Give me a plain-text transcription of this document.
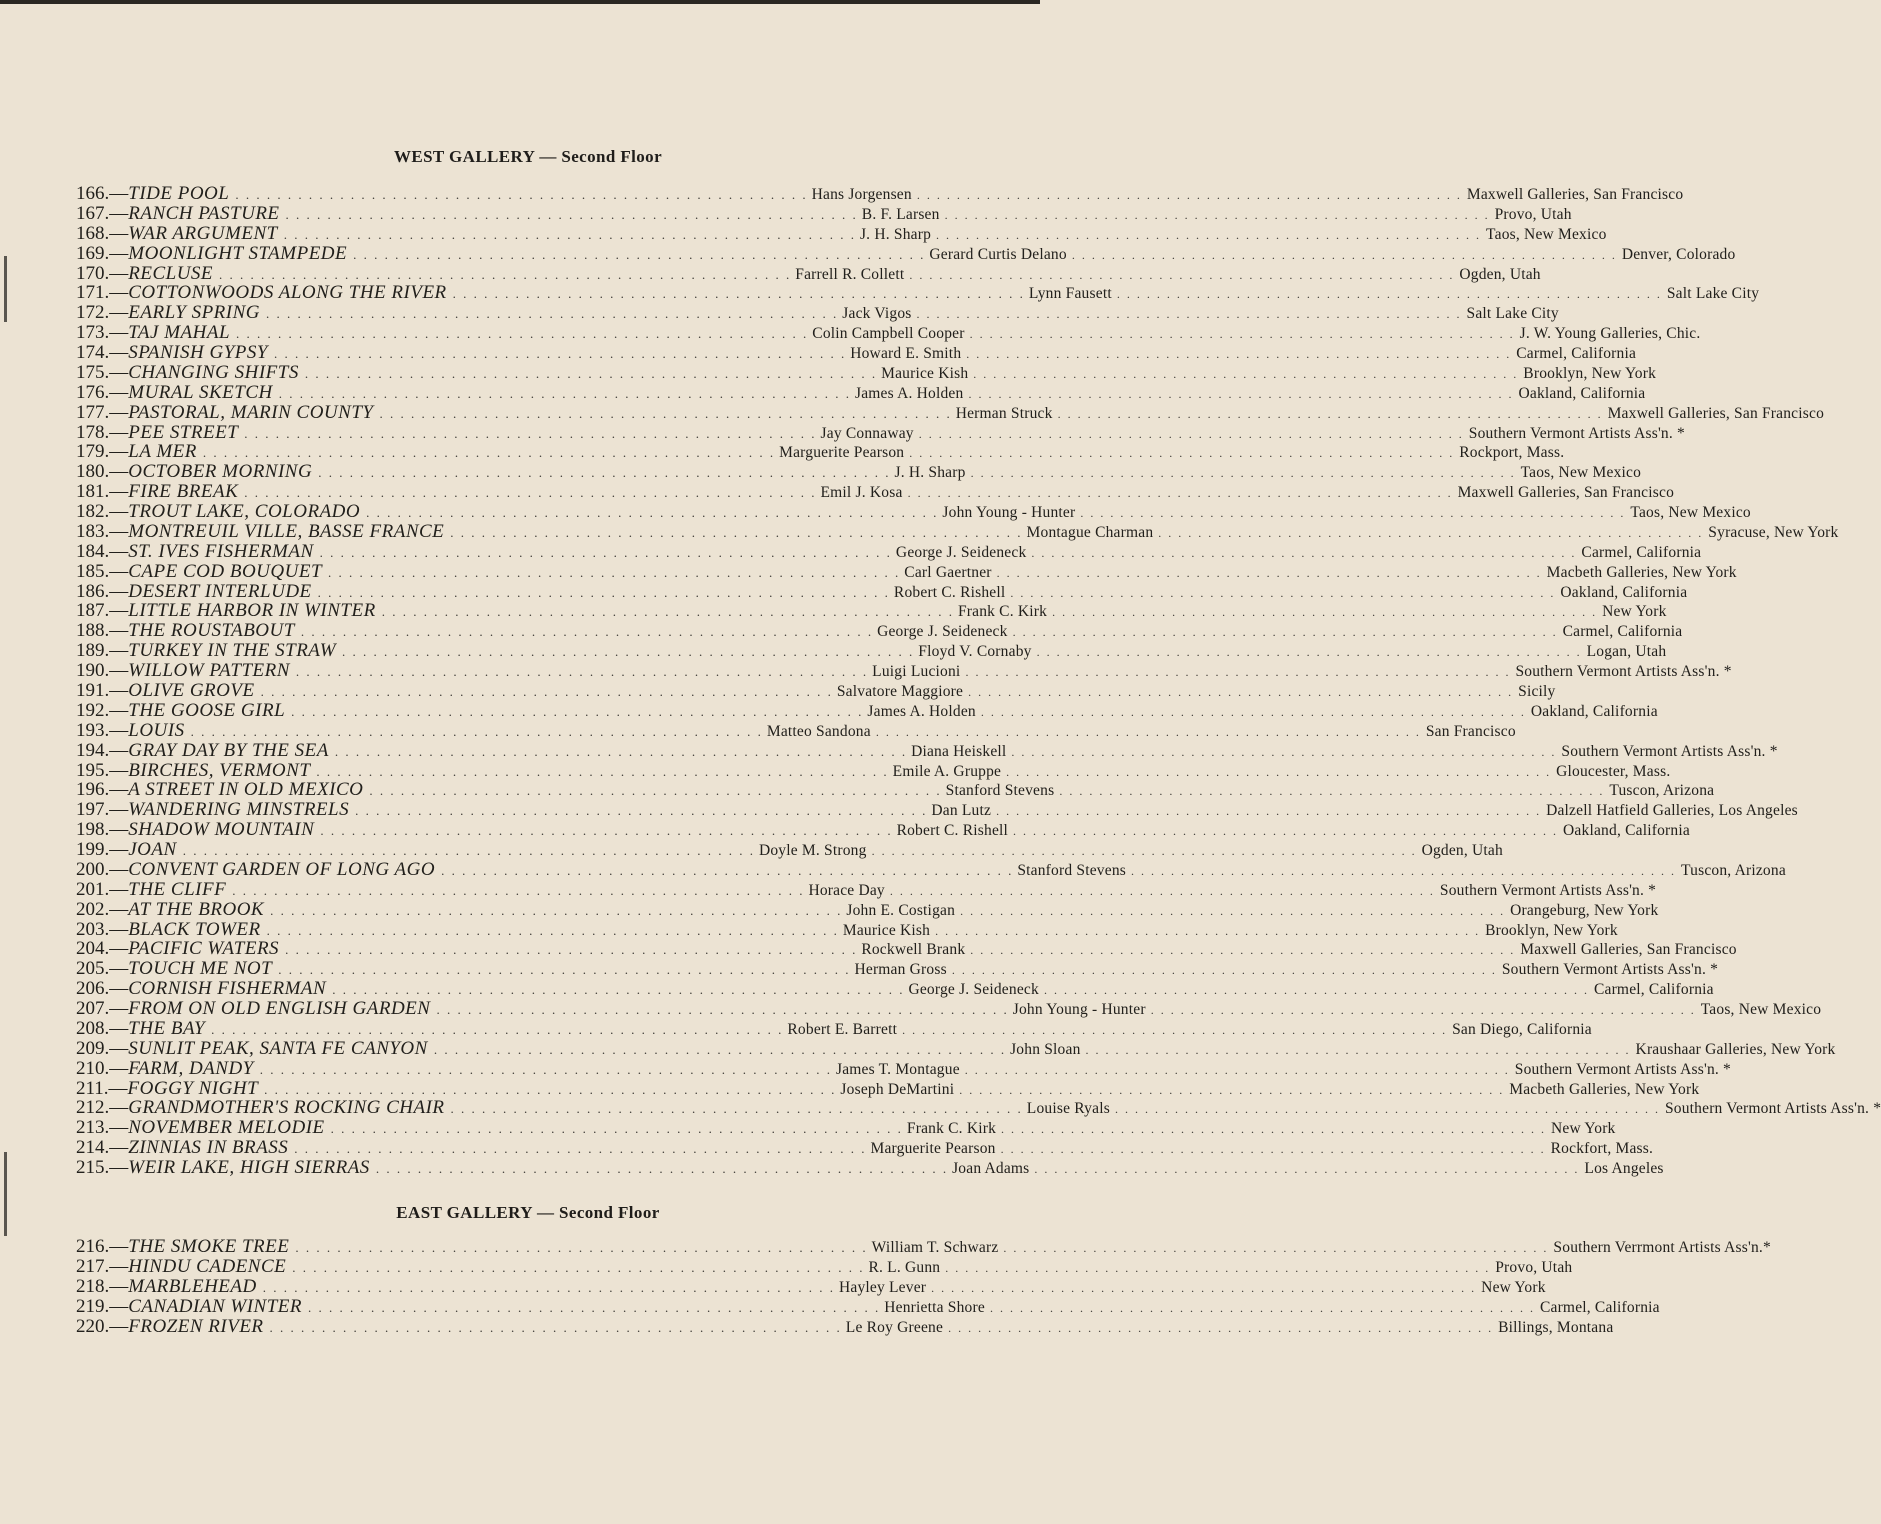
WEST GALLERY — Second Floor
166. — TIDE POOL . . . . . . . . . . . . . . . . . . . . . . . . . . . . . . . . . . . . . . . . . . . . . . . . . . . . . . . Hans Jorgensen . . . . . . . . . . . . . . . . . . . . . . . . . . . . . . . . . . . . . . . . . . . . . . . . . . . . . . . Maxwell Galleries, San Francisco
167. — RANCH PASTURE . . . . . . . . . . . . . . . . . . . . . . . . . . . . . . . . . . . . . . . . . . . . . . . . . . . . . . . B. F. Larsen . . . . . . . . . . . . . . . . . . . . . . . . . . . . . . . . . . . . . . . . . . . . . . . . . . . . . . . Provo, Utah
168. — WAR ARGUMENT . . . . . . . . . . . . . . . . . . . . . . . . . . . . . . . . . . . . . . . . . . . . . . . . . . . . . . . J. H. Sharp . . . . . . . . . . . . . . . . . . . . . . . . . . . . . . . . . . . . . . . . . . . . . . . . . . . . . . . Taos, New Mexico
169. — MOONLIGHT STAMPEDE . . . . . . . . . . . . . . . . . . . . . . . . . . . . . . . . . . . . . . . . . . . . . . . . . . . . . . . Gerard Curtis Delano . . . . . . . . . . . . . . . . . . . . . . . . . . . . . . . . . . . . . . . . . . . . . . . . . . . . . . . Denver, Colorado
170. — RECLUSE . . . . . . . . . . . . . . . . . . . . . . . . . . . . . . . . . . . . . . . . . . . . . . . . . . . . . . . Farrell R. Collett . . . . . . . . . . . . . . . . . . . . . . . . . . . . . . . . . . . . . . . . . . . . . . . . . . . . . . . Ogden, Utah
171. — COTTONWOODS ALONG THE RIVER . . . . . . . . . . . . . . . . . . . . . . . . . . . . . . . . . . . . . . . . . . . . . . . . . . . . . . . Lynn Fausett . . . . . . . . . . . . . . . . . . . . . . . . . . . . . . . . . . . . . . . . . . . . . . . . . . . . . . . Salt Lake City
172. — EARLY SPRING . . . . . . . . . . . . . . . . . . . . . . . . . . . . . . . . . . . . . . . . . . . . . . . . . . . . . . . Jack Vigos . . . . . . . . . . . . . . . . . . . . . . . . . . . . . . . . . . . . . . . . . . . . . . . . . . . . . . . Salt Lake City
173. — TAJ MAHAL . . . . . . . . . . . . . . . . . . . . . . . . . . . . . . . . . . . . . . . . . . . . . . . . . . . . . . . Colin Campbell Cooper . . . . . . . . . . . . . . . . . . . . . . . . . . . . . . . . . . . . . . . . . . . . . . . . . . . . . . . J. W. Young Galleries, Chic.
174. — SPANISH GYPSY . . . . . . . . . . . . . . . . . . . . . . . . . . . . . . . . . . . . . . . . . . . . . . . . . . . . . . . Howard E. Smith . . . . . . . . . . . . . . . . . . . . . . . . . . . . . . . . . . . . . . . . . . . . . . . . . . . . . . . Carmel, California
175. — CHANGING SHIFTS . . . . . . . . . . . . . . . . . . . . . . . . . . . . . . . . . . . . . . . . . . . . . . . . . . . . . . . Maurice Kish . . . . . . . . . . . . . . . . . . . . . . . . . . . . . . . . . . . . . . . . . . . . . . . . . . . . . . . Brooklyn, New York
176. — MURAL SKETCH . . . . . . . . . . . . . . . . . . . . . . . . . . . . . . . . . . . . . . . . . . . . . . . . . . . . . . . James A. Holden . . . . . . . . . . . . . . . . . . . . . . . . . . . . . . . . . . . . . . . . . . . . . . . . . . . . . . . Oakland, California
177. — PASTORAL, MARIN COUNTY . . . . . . . . . . . . . . . . . . . . . . . . . . . . . . . . . . . . . . . . . . . . . . . . . . . . . . . Herman Struck . . . . . . . . . . . . . . . . . . . . . . . . . . . . . . . . . . . . . . . . . . . . . . . . . . . . . . . Maxwell Galleries, San Francisco
178. — PEE STREET . . . . . . . . . . . . . . . . . . . . . . . . . . . . . . . . . . . . . . . . . . . . . . . . . . . . . . . Jay Connaway . . . . . . . . . . . . . . . . . . . . . . . . . . . . . . . . . . . . . . . . . . . . . . . . . . . . . . . Southern Vermont Artists Ass'n. *
179. — LA MER . . . . . . . . . . . . . . . . . . . . . . . . . . . . . . . . . . . . . . . . . . . . . . . . . . . . . . . Marguerite Pearson . . . . . . . . . . . . . . . . . . . . . . . . . . . . . . . . . . . . . . . . . . . . . . . . . . . . . . . Rockport, Mass.
180. — OCTOBER MORNING . . . . . . . . . . . . . . . . . . . . . . . . . . . . . . . . . . . . . . . . . . . . . . . . . . . . . . . J. H. Sharp . . . . . . . . . . . . . . . . . . . . . . . . . . . . . . . . . . . . . . . . . . . . . . . . . . . . . . . Taos, New Mexico
181. — FIRE BREAK . . . . . . . . . . . . . . . . . . . . . . . . . . . . . . . . . . . . . . . . . . . . . . . . . . . . . . . Emil J. Kosa . . . . . . . . . . . . . . . . . . . . . . . . . . . . . . . . . . . . . . . . . . . . . . . . . . . . . . . Maxwell Galleries, San Francisco
182. — TROUT LAKE, COLORADO . . . . . . . . . . . . . . . . . . . . . . . . . . . . . . . . . . . . . . . . . . . . . . . . . . . . . . . John Young - Hunter . . . . . . . . . . . . . . . . . . . . . . . . . . . . . . . . . . . . . . . . . . . . . . . . . . . . . . . Taos, New Mexico
183. — MONTREUIL VILLE, BASSE FRANCE . . . . . . . . . . . . . . . . . . . . . . . . . . . . . . . . . . . . . . . . . . . . . . . . . . . . . . . Montague Charman . . . . . . . . . . . . . . . . . . . . . . . . . . . . . . . . . . . . . . . . . . . . . . . . . . . . . . . Syracuse, New York
184. — ST. IVES FISHERMAN . . . . . . . . . . . . . . . . . . . . . . . . . . . . . . . . . . . . . . . . . . . . . . . . . . . . . . . George J. Seideneck . . . . . . . . . . . . . . . . . . . . . . . . . . . . . . . . . . . . . . . . . . . . . . . . . . . . . . . Carmel, California
185. — CAPE COD BOUQUET . . . . . . . . . . . . . . . . . . . . . . . . . . . . . . . . . . . . . . . . . . . . . . . . . . . . . . . Carl Gaertner . . . . . . . . . . . . . . . . . . . . . . . . . . . . . . . . . . . . . . . . . . . . . . . . . . . . . . . Macbeth Galleries, New York
186. — DESERT INTERLUDE . . . . . . . . . . . . . . . . . . . . . . . . . . . . . . . . . . . . . . . . . . . . . . . . . . . . . . . Robert C. Rishell . . . . . . . . . . . . . . . . . . . . . . . . . . . . . . . . . . . . . . . . . . . . . . . . . . . . . . . Oakland, California
187. — LITTLE HARBOR IN WINTER . . . . . . . . . . . . . . . . . . . . . . . . . . . . . . . . . . . . . . . . . . . . . . . . . . . . . . . Frank C. Kirk . . . . . . . . . . . . . . . . . . . . . . . . . . . . . . . . . . . . . . . . . . . . . . . . . . . . . . . New York
188. — THE ROUSTABOUT . . . . . . . . . . . . . . . . . . . . . . . . . . . . . . . . . . . . . . . . . . . . . . . . . . . . . . . George J. Seideneck . . . . . . . . . . . . . . . . . . . . . . . . . . . . . . . . . . . . . . . . . . . . . . . . . . . . . . . Carmel, California
189. — TURKEY IN THE STRAW . . . . . . . . . . . . . . . . . . . . . . . . . . . . . . . . . . . . . . . . . . . . . . . . . . . . . . . Floyd V. Cornaby . . . . . . . . . . . . . . . . . . . . . . . . . . . . . . . . . . . . . . . . . . . . . . . . . . . . . . . Logan, Utah
190. — WILLOW PATTERN . . . . . . . . . . . . . . . . . . . . . . . . . . . . . . . . . . . . . . . . . . . . . . . . . . . . . . . Luigi Lucioni . . . . . . . . . . . . . . . . . . . . . . . . . . . . . . . . . . . . . . . . . . . . . . . . . . . . . . . Southern Vermont Artists Ass'n. *
191. — OLIVE GROVE . . . . . . . . . . . . . . . . . . . . . . . . . . . . . . . . . . . . . . . . . . . . . . . . . . . . . . . Salvatore Maggiore . . . . . . . . . . . . . . . . . . . . . . . . . . . . . . . . . . . . . . . . . . . . . . . . . . . . . . . Sicily
192. — THE GOOSE GIRL . . . . . . . . . . . . . . . . . . . . . . . . . . . . . . . . . . . . . . . . . . . . . . . . . . . . . . . James A. Holden . . . . . . . . . . . . . . . . . . . . . . . . . . . . . . . . . . . . . . . . . . . . . . . . . . . . . . . Oakland, California
193. — LOUIS . . . . . . . . . . . . . . . . . . . . . . . . . . . . . . . . . . . . . . . . . . . . . . . . . . . . . . . Matteo Sandona . . . . . . . . . . . . . . . . . . . . . . . . . . . . . . . . . . . . . . . . . . . . . . . . . . . . . . . San Francisco
194. — GRAY DAY BY THE SEA . . . . . . . . . . . . . . . . . . . . . . . . . . . . . . . . . . . . . . . . . . . . . . . . . . . . . . . Diana Heiskell . . . . . . . . . . . . . . . . . . . . . . . . . . . . . . . . . . . . . . . . . . . . . . . . . . . . . . . Southern Vermont Artists Ass'n. *
195. — BIRCHES, VERMONT . . . . . . . . . . . . . . . . . . . . . . . . . . . . . . . . . . . . . . . . . . . . . . . . . . . . . . . Emile A. Gruppe . . . . . . . . . . . . . . . . . . . . . . . . . . . . . . . . . . . . . . . . . . . . . . . . . . . . . . . Gloucester, Mass.
196. — A STREET IN OLD MEXICO . . . . . . . . . . . . . . . . . . . . . . . . . . . . . . . . . . . . . . . . . . . . . . . . . . . . . . . Stanford Stevens . . . . . . . . . . . . . . . . . . . . . . . . . . . . . . . . . . . . . . . . . . . . . . . . . . . . . . . Tuscon, Arizona
197. — WANDERING MINSTRELS . . . . . . . . . . . . . . . . . . . . . . . . . . . . . . . . . . . . . . . . . . . . . . . . . . . . . . . Dan Lutz . . . . . . . . . . . . . . . . . . . . . . . . . . . . . . . . . . . . . . . . . . . . . . . . . . . . . . . Dalzell Hatfield Galleries, Los Angeles
198. — SHADOW MOUNTAIN . . . . . . . . . . . . . . . . . . . . . . . . . . . . . . . . . . . . . . . . . . . . . . . . . . . . . . . Robert C. Rishell . . . . . . . . . . . . . . . . . . . . . . . . . . . . . . . . . . . . . . . . . . . . . . . . . . . . . . . Oakland, California
199. — JOAN . . . . . . . . . . . . . . . . . . . . . . . . . . . . . . . . . . . . . . . . . . . . . . . . . . . . . . . Doyle M. Strong . . . . . . . . . . . . . . . . . . . . . . . . . . . . . . . . . . . . . . . . . . . . . . . . . . . . . . . Ogden, Utah
200. — CONVENT GARDEN OF LONG AGO . . . . . . . . . . . . . . . . . . . . . . . . . . . . . . . . . . . . . . . . . . . . . . . . . . . . . . . Stanford Stevens . . . . . . . . . . . . . . . . . . . . . . . . . . . . . . . . . . . . . . . . . . . . . . . . . . . . . . . Tuscon, Arizona
201. — THE CLIFF . . . . . . . . . . . . . . . . . . . . . . . . . . . . . . . . . . . . . . . . . . . . . . . . . . . . . . . Horace Day . . . . . . . . . . . . . . . . . . . . . . . . . . . . . . . . . . . . . . . . . . . . . . . . . . . . . . . Southern Vermont Artists Ass'n. *
202. — AT THE BROOK . . . . . . . . . . . . . . . . . . . . . . . . . . . . . . . . . . . . . . . . . . . . . . . . . . . . . . . John E. Costigan . . . . . . . . . . . . . . . . . . . . . . . . . . . . . . . . . . . . . . . . . . . . . . . . . . . . . . . Orangeburg, New York
203. — BLACK TOWER . . . . . . . . . . . . . . . . . . . . . . . . . . . . . . . . . . . . . . . . . . . . . . . . . . . . . . . Maurice Kish . . . . . . . . . . . . . . . . . . . . . . . . . . . . . . . . . . . . . . . . . . . . . . . . . . . . . . . Brooklyn, New York
204. — PACIFIC WATERS . . . . . . . . . . . . . . . . . . . . . . . . . . . . . . . . . . . . . . . . . . . . . . . . . . . . . . . Rockwell Brank . . . . . . . . . . . . . . . . . . . . . . . . . . . . . . . . . . . . . . . . . . . . . . . . . . . . . . . Maxwell Galleries, San Francisco
205. — TOUCH ME NOT . . . . . . . . . . . . . . . . . . . . . . . . . . . . . . . . . . . . . . . . . . . . . . . . . . . . . . . Herman Gross . . . . . . . . . . . . . . . . . . . . . . . . . . . . . . . . . . . . . . . . . . . . . . . . . . . . . . . Southern Vermont Artists Ass'n. *
206. — CORNISH FISHERMAN . . . . . . . . . . . . . . . . . . . . . . . . . . . . . . . . . . . . . . . . . . . . . . . . . . . . . . . George J. Seideneck . . . . . . . . . . . . . . . . . . . . . . . . . . . . . . . . . . . . . . . . . . . . . . . . . . . . . . . Carmel, California
207. — FROM ON OLD ENGLISH GARDEN . . . . . . . . . . . . . . . . . . . . . . . . . . . . . . . . . . . . . . . . . . . . . . . . . . . . . . . John Young - Hunter . . . . . . . . . . . . . . . . . . . . . . . . . . . . . . . . . . . . . . . . . . . . . . . . . . . . . . . Taos, New Mexico
208. — THE BAY . . . . . . . . . . . . . . . . . . . . . . . . . . . . . . . . . . . . . . . . . . . . . . . . . . . . . . . Robert E. Barrett . . . . . . . . . . . . . . . . . . . . . . . . . . . . . . . . . . . . . . . . . . . . . . . . . . . . . . . San Diego, California
209. — SUNLIT PEAK, SANTA FE CANYON . . . . . . . . . . . . . . . . . . . . . . . . . . . . . . . . . . . . . . . . . . . . . . . . . . . . . . . John Sloan . . . . . . . . . . . . . . . . . . . . . . . . . . . . . . . . . . . . . . . . . . . . . . . . . . . . . . . Kraushaar Galleries, New York
210. — FARM, DANDY . . . . . . . . . . . . . . . . . . . . . . . . . . . . . . . . . . . . . . . . . . . . . . . . . . . . . . . James T. Montague . . . . . . . . . . . . . . . . . . . . . . . . . . . . . . . . . . . . . . . . . . . . . . . . . . . . . . . Southern Vermont Artists Ass'n. *
211. — FOGGY NIGHT . . . . . . . . . . . . . . . . . . . . . . . . . . . . . . . . . . . . . . . . . . . . . . . . . . . . . . . Joseph DeMartini . . . . . . . . . . . . . . . . . . . . . . . . . . . . . . . . . . . . . . . . . . . . . . . . . . . . . . . Macbeth Galleries, New York
212. — GRANDMOTHER'S ROCKING CHAIR . . . . . . . . . . . . . . . . . . . . . . . . . . . . . . . . . . . . . . . . . . . . . . . . . . . . . . . Louise Ryals . . . . . . . . . . . . . . . . . . . . . . . . . . . . . . . . . . . . . . . . . . . . . . . . . . . . . . . Southern Vermont Artists Ass'n. *
213. — NOVEMBER MELODIE . . . . . . . . . . . . . . . . . . . . . . . . . . . . . . . . . . . . . . . . . . . . . . . . . . . . . . . Frank C. Kirk . . . . . . . . . . . . . . . . . . . . . . . . . . . . . . . . . . . . . . . . . . . . . . . . . . . . . . . New York
214. — ZINNIAS IN BRASS . . . . . . . . . . . . . . . . . . . . . . . . . . . . . . . . . . . . . . . . . . . . . . . . . . . . . . . Marguerite Pearson . . . . . . . . . . . . . . . . . . . . . . . . . . . . . . . . . . . . . . . . . . . . . . . . . . . . . . . Rockfort, Mass.
215. — WEIR LAKE, HIGH SIERRAS . . . . . . . . . . . . . . . . . . . . . . . . . . . . . . . . . . . . . . . . . . . . . . . . . . . . . . . Joan Adams . . . . . . . . . . . . . . . . . . . . . . . . . . . . . . . . . . . . . . . . . . . . . . . . . . . . . . . Los Angeles
EAST GALLERY — Second Floor
216. — THE SMOKE TREE . . . . . . . . . . . . . . . . . . . . . . . . . . . . . . . . . . . . . . . . . . . . . . . . . . . . . . . William T. Schwarz . . . . . . . . . . . . . . . . . . . . . . . . . . . . . . . . . . . . . . . . . . . . . . . . . . . . . . . Southern Verrmont Artists Ass'n.*
217. — HINDU CADENCE . . . . . . . . . . . . . . . . . . . . . . . . . . . . . . . . . . . . . . . . . . . . . . . . . . . . . . . R. L. Gunn . . . . . . . . . . . . . . . . . . . . . . . . . . . . . . . . . . . . . . . . . . . . . . . . . . . . . . . Provo, Utah
218. — MARBLEHEAD . . . . . . . . . . . . . . . . . . . . . . . . . . . . . . . . . . . . . . . . . . . . . . . . . . . . . . . Hayley Lever . . . . . . . . . . . . . . . . . . . . . . . . . . . . . . . . . . . . . . . . . . . . . . . . . . . . . . . New York
219. — CANADIAN WINTER . . . . . . . . . . . . . . . . . . . . . . . . . . . . . . . . . . . . . . . . . . . . . . . . . . . . . . . Henrietta Shore . . . . . . . . . . . . . . . . . . . . . . . . . . . . . . . . . . . . . . . . . . . . . . . . . . . . . . . Carmel, California
220. — FROZEN RIVER . . . . . . . . . . . . . . . . . . . . . . . . . . . . . . . . . . . . . . . . . . . . . . . . . . . . . . . Le Roy Greene . . . . . . . . . . . . . . . . . . . . . . . . . . . . . . . . . . . . . . . . . . . . . . . . . . . . . . . Billings, Montana
